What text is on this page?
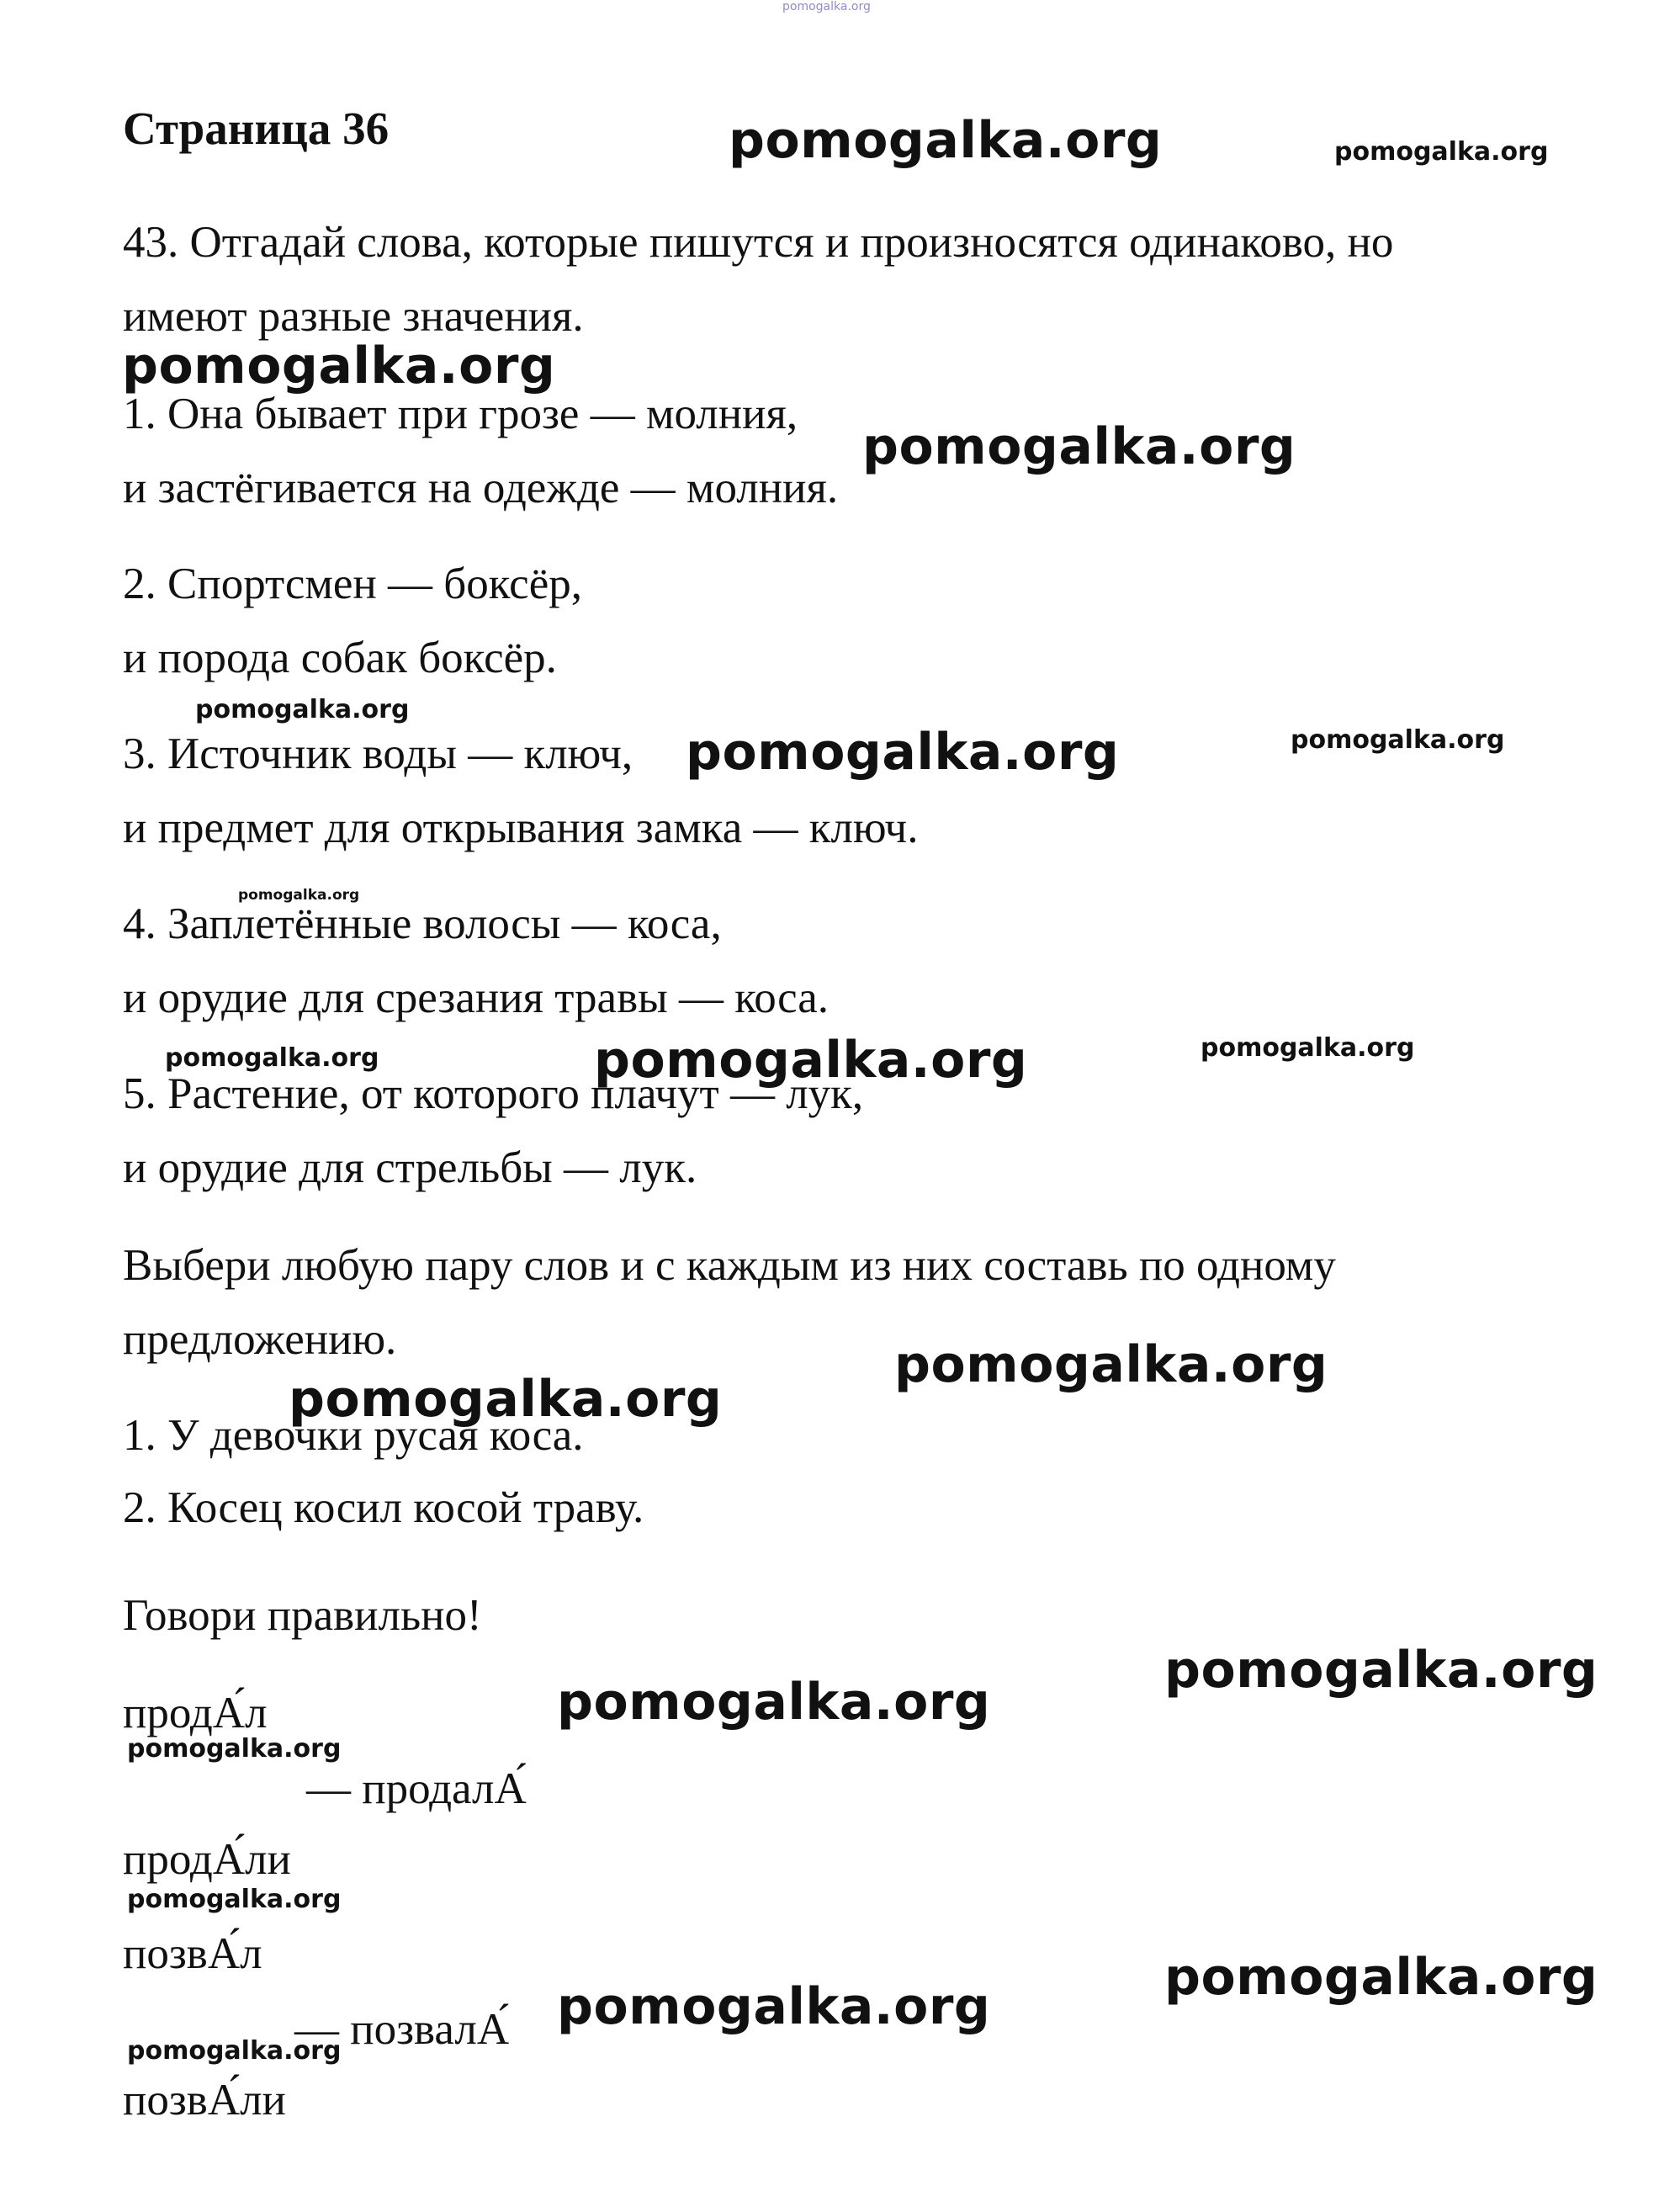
pomogalka.org
pomogalka.org	pomogalka.org
pomogalka.org
pomogalka.org
pomogalka.org
pomogalka.org	pomogalka.org
pomogalka.org
pomogalka.org	pomogalka.org	pomogalka.org
pomogalka.org
pomogalka.org
pomogalka.org
pomogalka.org
pomogalka.org
pomogalka.org
pomogalka.org
pomogalka.org
pomogalka.org
Страница 36
43. Отгадай слова, которые пишутся и произносятся одинаково, но
имеют разные значения.
1. Она бывает при грозе — молния,
и застёгивается на одежде — молния.
2. Спортсмен — боксёр,
и порода собак боксёр.
3. Источник воды — ключ,
и предмет для открывания замка — ключ.
4. Заплетённые волосы — коса,
и орудие для срезания травы — коса.
5. Растение, от которого плачут — лук,
и орудие для стрельбы — лук.
Выбери любую пару слов и с каждым из них составь по одному
предложению.
1. У девочки русая коса.
2. Косец косил косой траву.
Говори правильно!
продА́л
— продалА́
продА́ли
позвА́л
— позвалА́
позвА́ли
